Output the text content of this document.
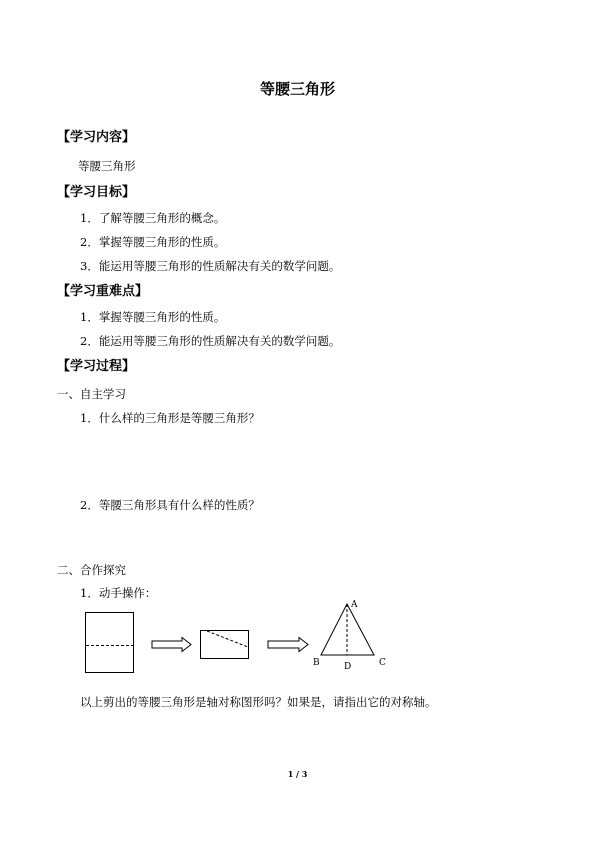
等腰三角形
【学习内容】
等腰三角形
【学习目标】
1．了解等腰三角形的概念。
2．掌握等腰三角形的性质。
3．能运用等腰三角形的性质解决有关的数学问题。
【学习重难点】
1．掌握等腰三角形的性质。
2．能运用等腰三角形的性质解决有关的数学问题。
【学习过程】
一、自主学习
1．什么样的三角形是等腰三角形？
2．等腰三角形具有什么样的性质？
二、合作探究
1．动手操作：
A
B	D	C
以上剪出的等腰三角形是轴对称图形吗？如果是，请指出它的对称轴。
1 / 3
